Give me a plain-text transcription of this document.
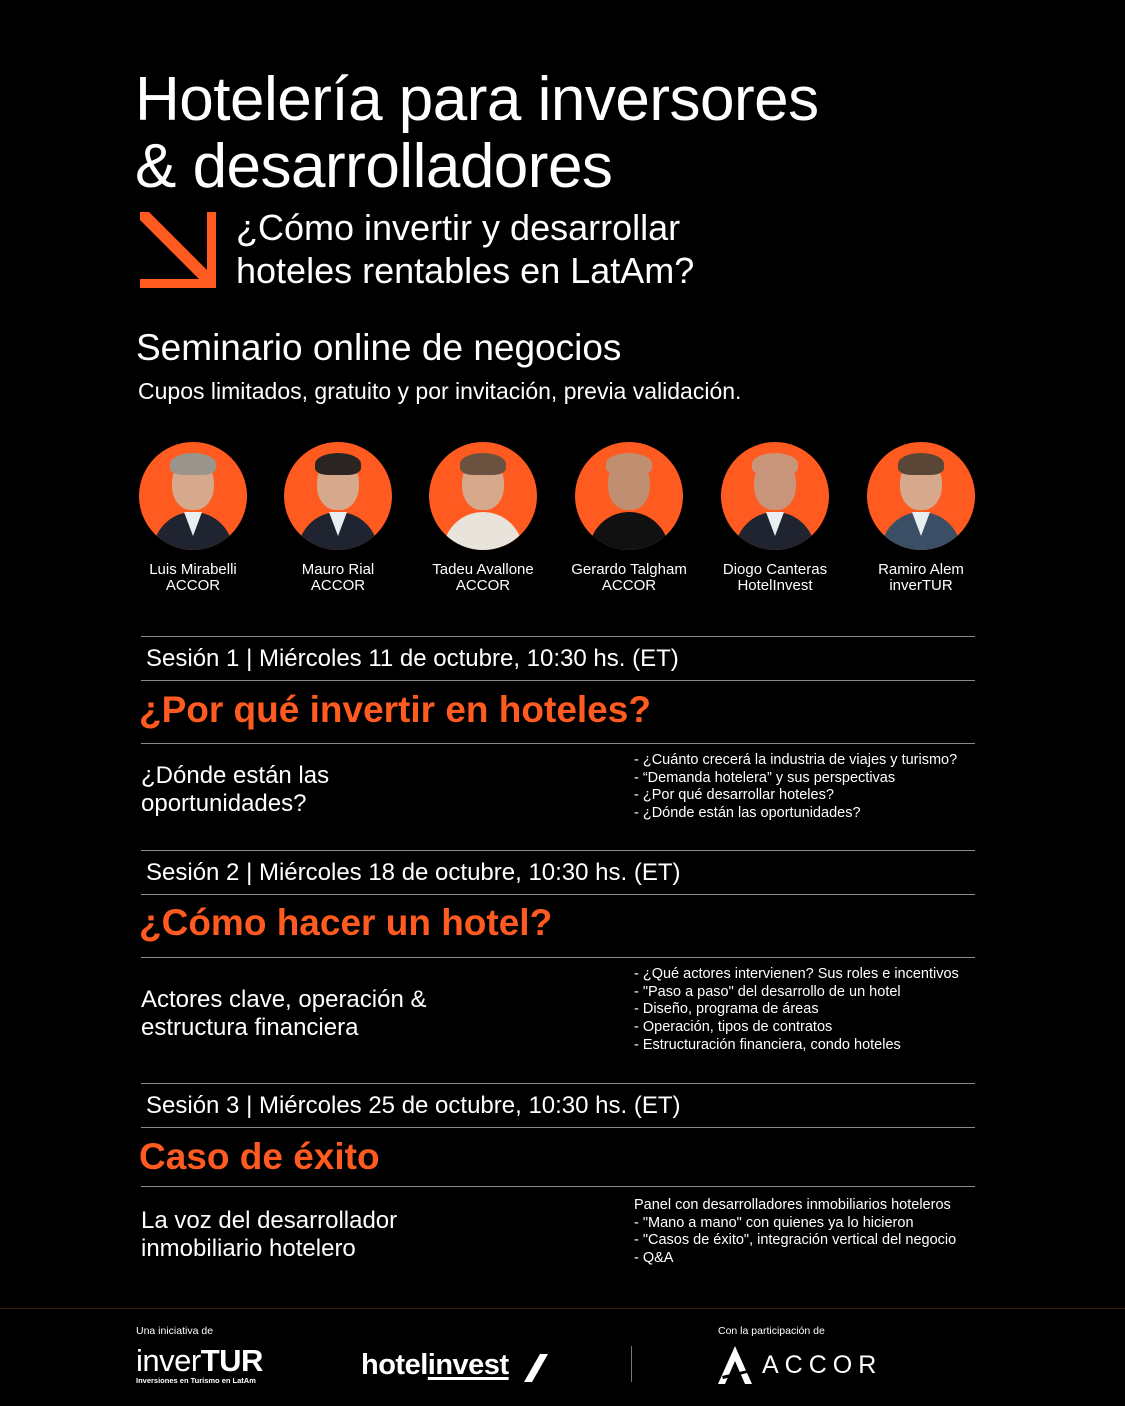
Hotelería para inversores
& desarrolladores
¿Cómo invertir y desarrollar
hoteles rentables en LatAm?
Seminario online de negocios
Cupos limitados, gratuito y por invitación, previa validación.
Luis Mirabelli
ACCOR
Mauro Rial
ACCOR
Tadeu Avallone
ACCOR
Gerardo Talgham
ACCOR
Diogo Canteras
HotelInvest
Ramiro Alem
inverTUR
Sesión 1 | Miércoles 11 de octubre, 10:30 hs. (ET)
¿Por qué invertir en hoteles?
¿Dónde están las
oportunidades?
- ¿Cuánto crecerá la industria de viajes y turismo?
- “Demanda hotelera” y sus perspectivas
- ¿Por qué desarrollar hoteles?
- ¿Dónde están las oportunidades?
Sesión 2 | Miércoles 18 de octubre, 10:30 hs. (ET)
¿Cómo hacer un hotel?
Actores clave, operación &
estructura financiera
- ¿Qué actores intervienen? Sus roles e incentivos
- "Paso a paso" del desarrollo de un hotel
- Diseño, programa de áreas
- Operación, tipos de contratos
- Estructuración financiera, condo hoteles
Sesión 3 | Miércoles 25 de octubre, 10:30 hs. (ET)
Caso de éxito
La voz del desarrollador
inmobiliario hotelero
Panel con desarrolladores inmobiliarios hoteleros
- "Mano a mano" con quienes ya lo hicieron
- "Casos de éxito", integración vertical del negocio
- Q&A
Una iniciativa de
inverTUR
Inversiones en Turismo en LatAm	hotelinvest
Con la participación de
ACCOR
